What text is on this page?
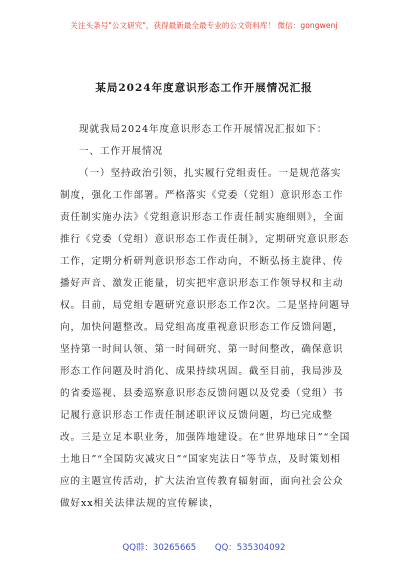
关注头条号"公文研究"，获得最新最全最专业的公文资料库！ 微信：gongwenj
某局2024年度意识形态工作开展情况汇报

现就我局2024年度意识形态工作开展情况汇报如下：

一、工作开展情况

（一）坚持政治引领，扎实履行党组责任。一是规范落实制度，强化工作部署。严格落实《党委（党组）意识形态工作责任制实施办法》《党组意识形态工作责任制实施细则》，全面推行《党委（党组）意识形态工作责任制》，定期研究意识形态工作，定期分析研判意识形态工作动向，不断弘扬主旋律、传播好声音、激发正能量，切实把牢意识形态工作领导权和主动权。目前，局党组专题研究意识形态工作2次。二是坚持问题导向，加快问题整改。局党组高度重视意识形态工作反馈问题，坚持第一时间认领、第一时间研究、第一时间整改，确保意识形态工作问题及时消化、成果持续巩固。截至目前，我局涉及的省委巡视、县委巡察意识形态反馈问题以及党委（党组）书记履行意识形态工作责任制述职评议反馈问题，均已完成整改。三是立足本职业务，加强阵地建设。在“世界地球日”“全国土地日”“全国防灾减灾日”“国家宪法日”等节点，及时策划相应的主题宣传活动，扩大法治宣传教育辐射面，面向社会公众做好xx相关法律法规的宣传解读，

QQ群：30265665 QQ：535304092
